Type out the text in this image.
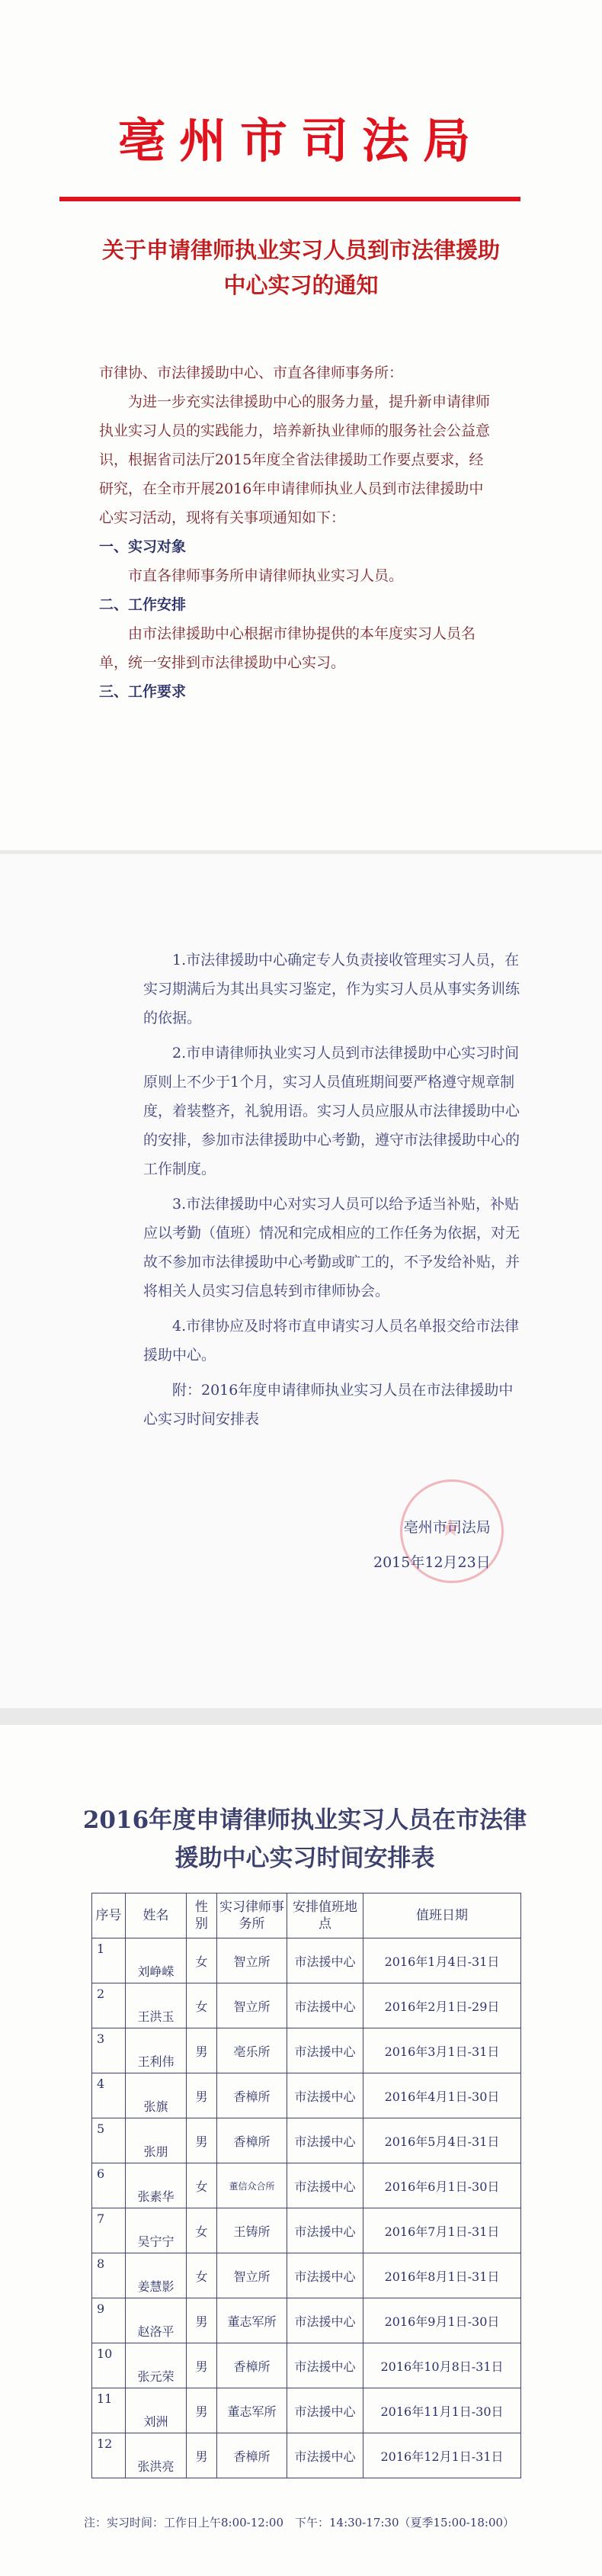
亳州市司法局
关于申请律师执业实习人员到市法律援助
中心实习的通知

市律协、市法律援助中心、市直各律师事务所：

为进一步充实法律援助中心的服务力量，提升新申请律师执业实习人员的实践能力，培养新执业律师的服务社会公益意识，根据省司法厅2015年度全省法律援助工作要点要求，经研究，在全市开展2016年申请律师执业人员到市法律援助中心实习活动，现将有关事项通知如下：

一、实习对象

市直各律师事务所申请律师执业实习人员。

二、工作安排

由市法律援助中心根据市律协提供的本年度实习人员名单，统一安排到市法律援助中心实习。

三、工作要求

1.市法律援助中心确定专人负责接收管理实习人员，在实习期满后为其出具实习鉴定，作为实习人员从事实务训练的依据。

2.市申请律师执业实习人员到市法律援助中心实习时间原则上不少于1个月，实习人员值班期间要严格遵守规章制度，着装整齐，礼貌用语。实习人员应服从市法律援助中心的安排，参加市法律援助中心考勤，遵守市法律援助中心的工作制度。

3.市法律援助中心对实习人员可以给予适当补贴，补贴应以考勤（值班）情况和完成相应的工作任务为依据，对无故不参加市法律援助中心考勤或旷工的，不予发给补贴，并将相关人员实习信息转到市律师协会。

4.市律协应及时将市直申请实习人员名单报交给市法律援助中心。

附：2016年度申请律师执业实习人员在市法律援助中心实习时间安排表

亳州市司法局
2015年12月23日
2016年度申请律师执业实习人员在市法律
援助中心实习时间安排表
序号	姓名	性别	实习律师事务所	安排值班地点	值班日期
1	刘峥嵘	女	智立所	市法援中心	2016年1月4日-31日
2	王洪玉	女	智立所	市法援中心	2016年2月1日-29日
3	王利伟	男	亳乐所	市法援中心	2016年3月1日-31日
4	张旗	男	香樟所	市法援中心	2016年4月1日-30日
5	张朋	男	香樟所	市法援中心	2016年5月4日-31日
6	张素华	女	董信众合所	市法援中心	2016年6月1日-30日
7	吴宁宁	女	王铸所	市法援中心	2016年7月1日-31日
8	姜慧影	女	智立所	市法援中心	2016年8月1日-31日
9	赵洛平	男	董志军所	市法援中心	2016年9月1日-30日
10	张元荣	男	香樟所	市法援中心	2016年10月8日-31日
11	刘洲	男	董志军所	市法援中心	2016年11月1日-30日
12	张洪亮	男	香樟所	市法援中心	2016年12月1日-31日
注：实习时间：工作日上午8:00-12:00　下午：14:30-17:30（夏季15:00-18:00）
